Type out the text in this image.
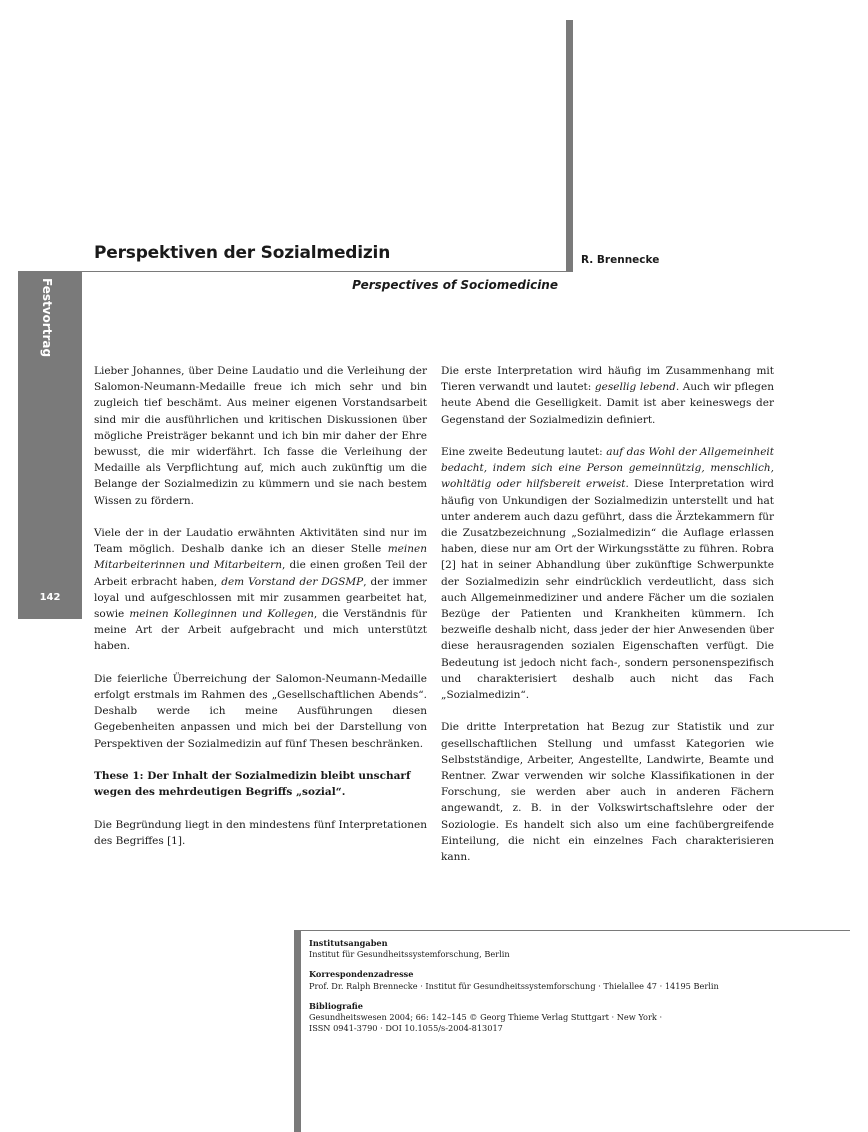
Perspektiven der Sozialmedizin	R. Brennecke
Perspectives of Sociomedicine
Festvortrag
142

Lieber Johannes, über Deine Laudatio und die Verleihung der Salomon-Neumann-Medaille freue ich mich sehr und bin zugleich tief beschämt. Aus meiner eigenen Vorstandsarbeit sind mir die ausführlichen und kritischen Diskussionen über mögliche Preisträger bekannt und ich bin mir daher der Ehre bewusst, die mir widerfährt. Ich fasse die Verleihung der Medaille als Verpflichtung auf, mich auch zukünftig um die Belange der Sozialmedizin zu kümmern und sie nach bestem Wissen zu fördern.

Viele der in der Laudatio erwähnten Aktivitäten sind nur im Team möglich. Deshalb danke ich an dieser Stelle meinen Mitarbeiterinnen und Mitarbeitern, die einen großen Teil der Arbeit erbracht haben, dem Vorstand der DGSMP, der immer loyal und aufgeschlossen mit mir zusammen gearbeitet hat, sowie meinen Kolleginnen und Kollegen, die Verständnis für meine Art der Arbeit aufgebracht und mich unterstützt haben.

Die feierliche Überreichung der Salomon-Neumann-Medaille erfolgt erstmals im Rahmen des „Gesellschaftlichen Abends“. Deshalb werde ich meine Ausführungen diesen Gegebenheiten anpassen und mich bei der Darstellung von Perspektiven der Sozialmedizin auf fünf Thesen beschränken.

These 1: Der Inhalt der Sozialmedizin bleibt unscharf wegen des mehrdeutigen Begriffs „sozial“.

Die Begründung liegt in den mindestens fünf Interpretationen des Begriffes [1].

Die erste Interpretation wird häufig im Zusammenhang mit Tieren verwandt und lautet: gesellig lebend. Auch wir pflegen heute Abend die Geselligkeit. Damit ist aber keineswegs der Gegenstand der Sozialmedizin definiert.

Eine zweite Bedeutung lautet: auf das Wohl der Allgemeinheit bedacht, indem sich eine Person gemeinnützig, menschlich, wohltätig oder hilfsbereit erweist. Diese Interpretation wird häufig von Unkundigen der Sozialmedizin unterstellt und hat unter anderem auch dazu geführt, dass die Ärztekammern für die Zusatzbezeichnung „Sozialmedizin“ die Auflage erlassen haben, diese nur am Ort der Wirkungsstätte zu führen. Robra [2] hat in seiner Abhandlung über zukünftige Schwerpunkte der Sozialmedizin sehr eindrücklich verdeutlicht, dass sich auch Allgemeinmediziner und andere Fächer um die sozialen Bezüge der Patienten und Krankheiten kümmern. Ich bezweifle deshalb nicht, dass jeder der hier Anwesenden über diese herausragenden sozialen Eigenschaften verfügt. Die Bedeutung ist jedoch nicht fach-, sondern personenspezifisch und charakterisiert deshalb auch nicht das Fach „Sozialmedizin“.

Die dritte Interpretation hat Bezug zur Statistik und zur gesellschaftlichen Stellung und umfasst Kategorien wie Selbstständige, Arbeiter, Angestellte, Landwirte, Beamte und Rentner. Zwar verwenden wir solche Klassifikationen in der Forschung, sie werden aber auch in anderen Fächern angewandt, z. B. in der Volkswirtschaftslehre oder der Soziologie. Es handelt sich also um eine fachübergreifende Einteilung, die nicht ein einzelnes Fach charakterisieren kann.

Institutsangaben
Institut für Gesundheitssystemforschung, Berlin
Korrespondenzadresse
Prof. Dr. Ralph Brennecke · Institut für Gesundheitssystemforschung · Thielallee 47 · 14195 Berlin
Bibliografie
Gesundheitswesen 2004; 66: 142–145 © Georg Thieme Verlag Stuttgart · New York ·
ISSN 0941-3790 · DOI 10.1055/s-2004-813017
